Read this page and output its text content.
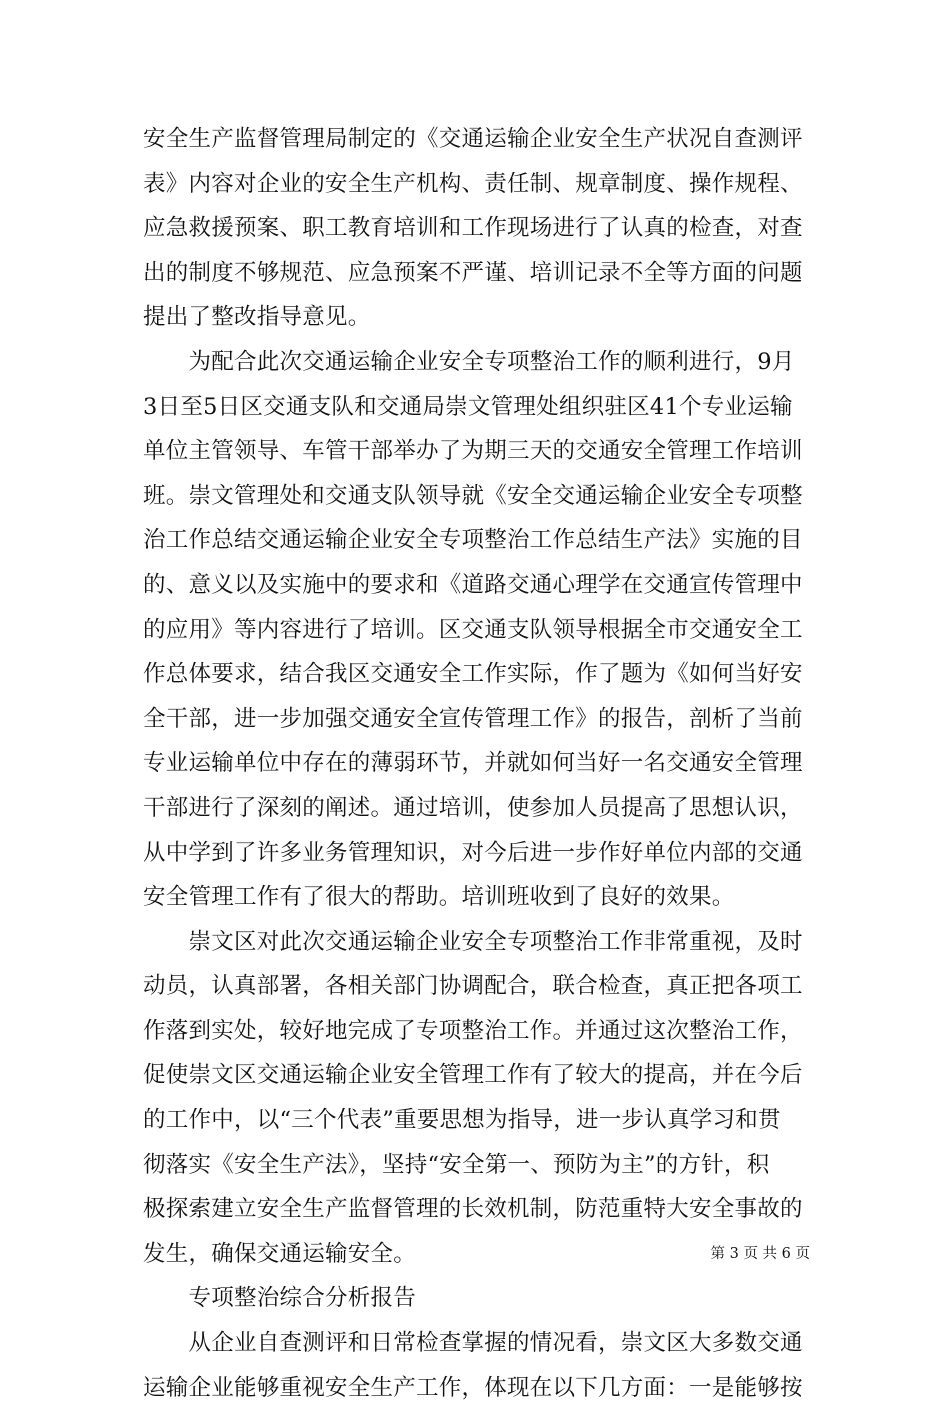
安全生产监督管理局制定的《交通运输企业安全生产状况自查测评
表》内容对企业的安全生产机构、责任制、规章制度、操作规程、
应急救援预案、职工教育培训和工作现场进行了认真的检查，对查
出的制度不够规范、应急预案不严谨、培训记录不全等方面的问题
提出了整改指导意见。
　　为配合此次交通运输企业安全专项整治工作的顺利进行，9月
3日至5日区交通支队和交通局崇文管理处组织驻区41个专业运输
单位主管领导、车管干部举办了为期三天的交通安全管理工作培训
班。崇文管理处和交通支队领导就《安全交通运输企业安全专项整
治工作总结交通运输企业安全专项整治工作总结生产法》实施的目
的、意义以及实施中的要求和《道路交通心理学在交通宣传管理中
的应用》等内容进行了培训。区交通支队领导根据全市交通安全工
作总体要求，结合我区交通安全工作实际，作了题为《如何当好安
全干部，进一步加强交通安全宣传管理工作》的报告，剖析了当前
专业运输单位中存在的薄弱环节，并就如何当好一名交通安全管理
干部进行了深刻的阐述。通过培训，使参加人员提高了思想认识，
从中学到了许多业务管理知识，对今后进一步作好单位内部的交通
安全管理工作有了很大的帮助。培训班收到了良好的效果。
　　崇文区对此次交通运输企业安全专项整治工作非常重视，及时
动员，认真部署，各相关部门协调配合，联合检查，真正把各项工
作落到实处，较好地完成了专项整治工作。并通过这次整治工作，
促使崇文区交通运输企业安全管理工作有了较大的提高，并在今后
的工作中，以“三个代表”重要思想为指导，进一步认真学习和贯
彻落实《安全生产法》，坚持“安全第一、预防为主”的方针，积
极探索建立安全生产监督管理的长效机制，防范重特大安全事故的
发生，确保交通运输安全。
　　专项整治综合分析报告
　　从企业自查测评和日常检查掌握的情况看，崇文区大多数交通
运输企业能够重视安全生产工作，体现在以下几方面：一是能够按
第 3 页 共 6 页
